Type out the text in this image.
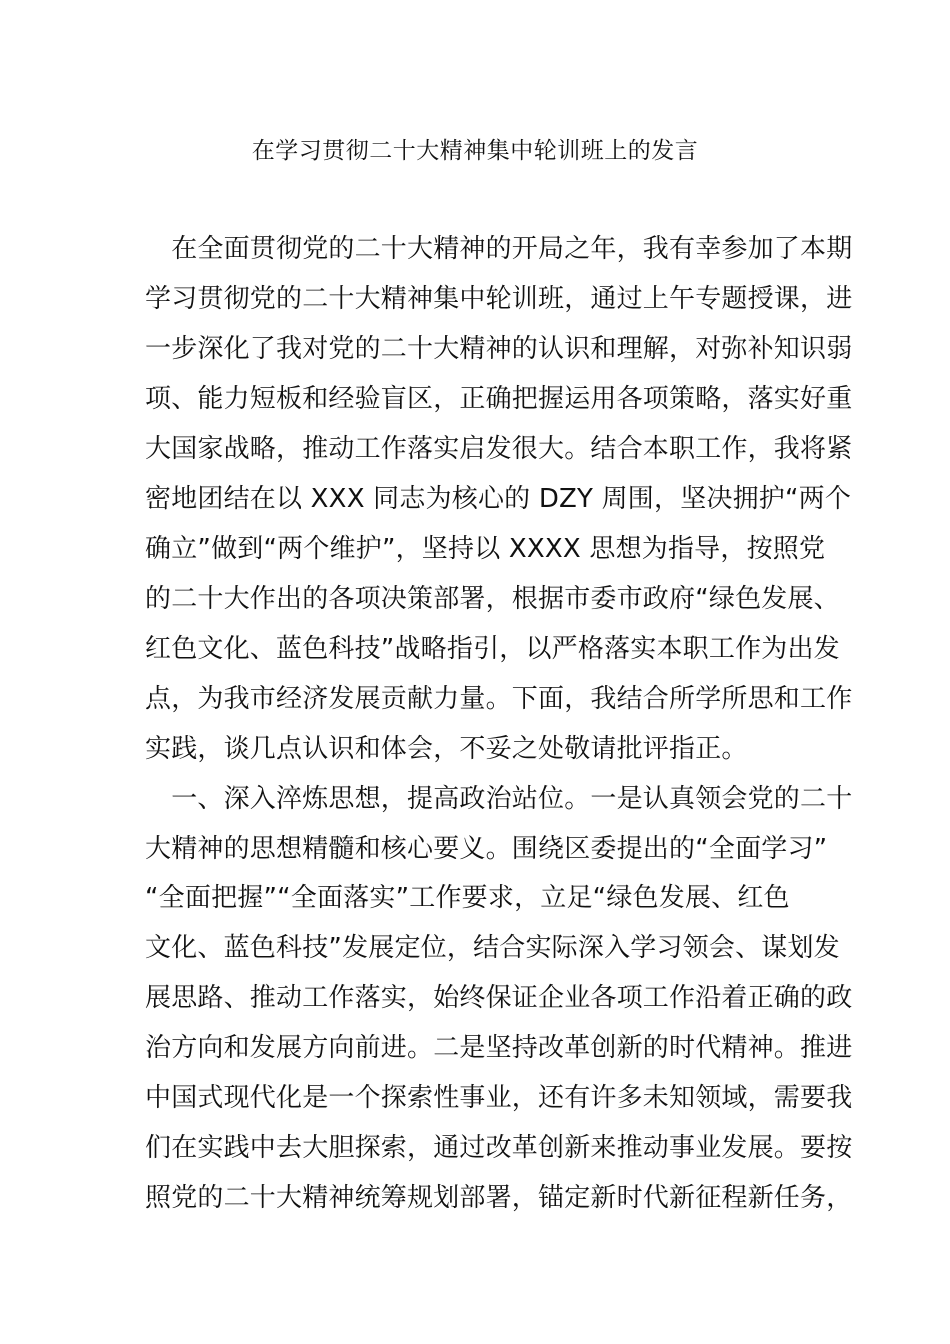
在学习贯彻二十大精神集中轮训班上的发言
　在全面贯彻党的二十大精神的开局之年，我有幸参加了本期
学习贯彻党的二十大精神集中轮训班，通过上午专题授课，进
一步深化了我对党的二十大精神的认识和理解，对弥补知识弱
项、能力短板和经验盲区，正确把握运用各项策略，落实好重
大国家战略，推动工作落实启发很大。结合本职工作，我将紧
密地团结在以 XXX 同志为核心的 DZY 周围，坚决拥护“两个
确立”做到“两个维护”，坚持以 XXXX 思想为指导，按照党
的二十大作出的各项决策部署，根据市委市政府“绿色发展、
红色文化、蓝色科技”战略指引，以严格落实本职工作为出发
点，为我市经济发展贡献力量。下面，我结合所学所思和工作
实践，谈几点认识和体会，不妥之处敬请批评指正。
　一、深入淬炼思想，提高政治站位。一是认真领会党的二十
大精神的思想精髓和核心要义。围绕区委提出的“全面学习”
“全面把握”“全面落实”工作要求，立足“绿色发展、红色
文化、蓝色科技”发展定位，结合实际深入学习领会、谋划发
展思路、推动工作落实，始终保证企业各项工作沿着正确的政
治方向和发展方向前进。二是坚持改革创新的时代精神。推进
中国式现代化是一个探索性事业，还有许多未知领域，需要我
们在实践中去大胆探索，通过改革创新来推动事业发展。要按
照党的二十大精神统筹规划部署，锚定新时代新征程新任务，
